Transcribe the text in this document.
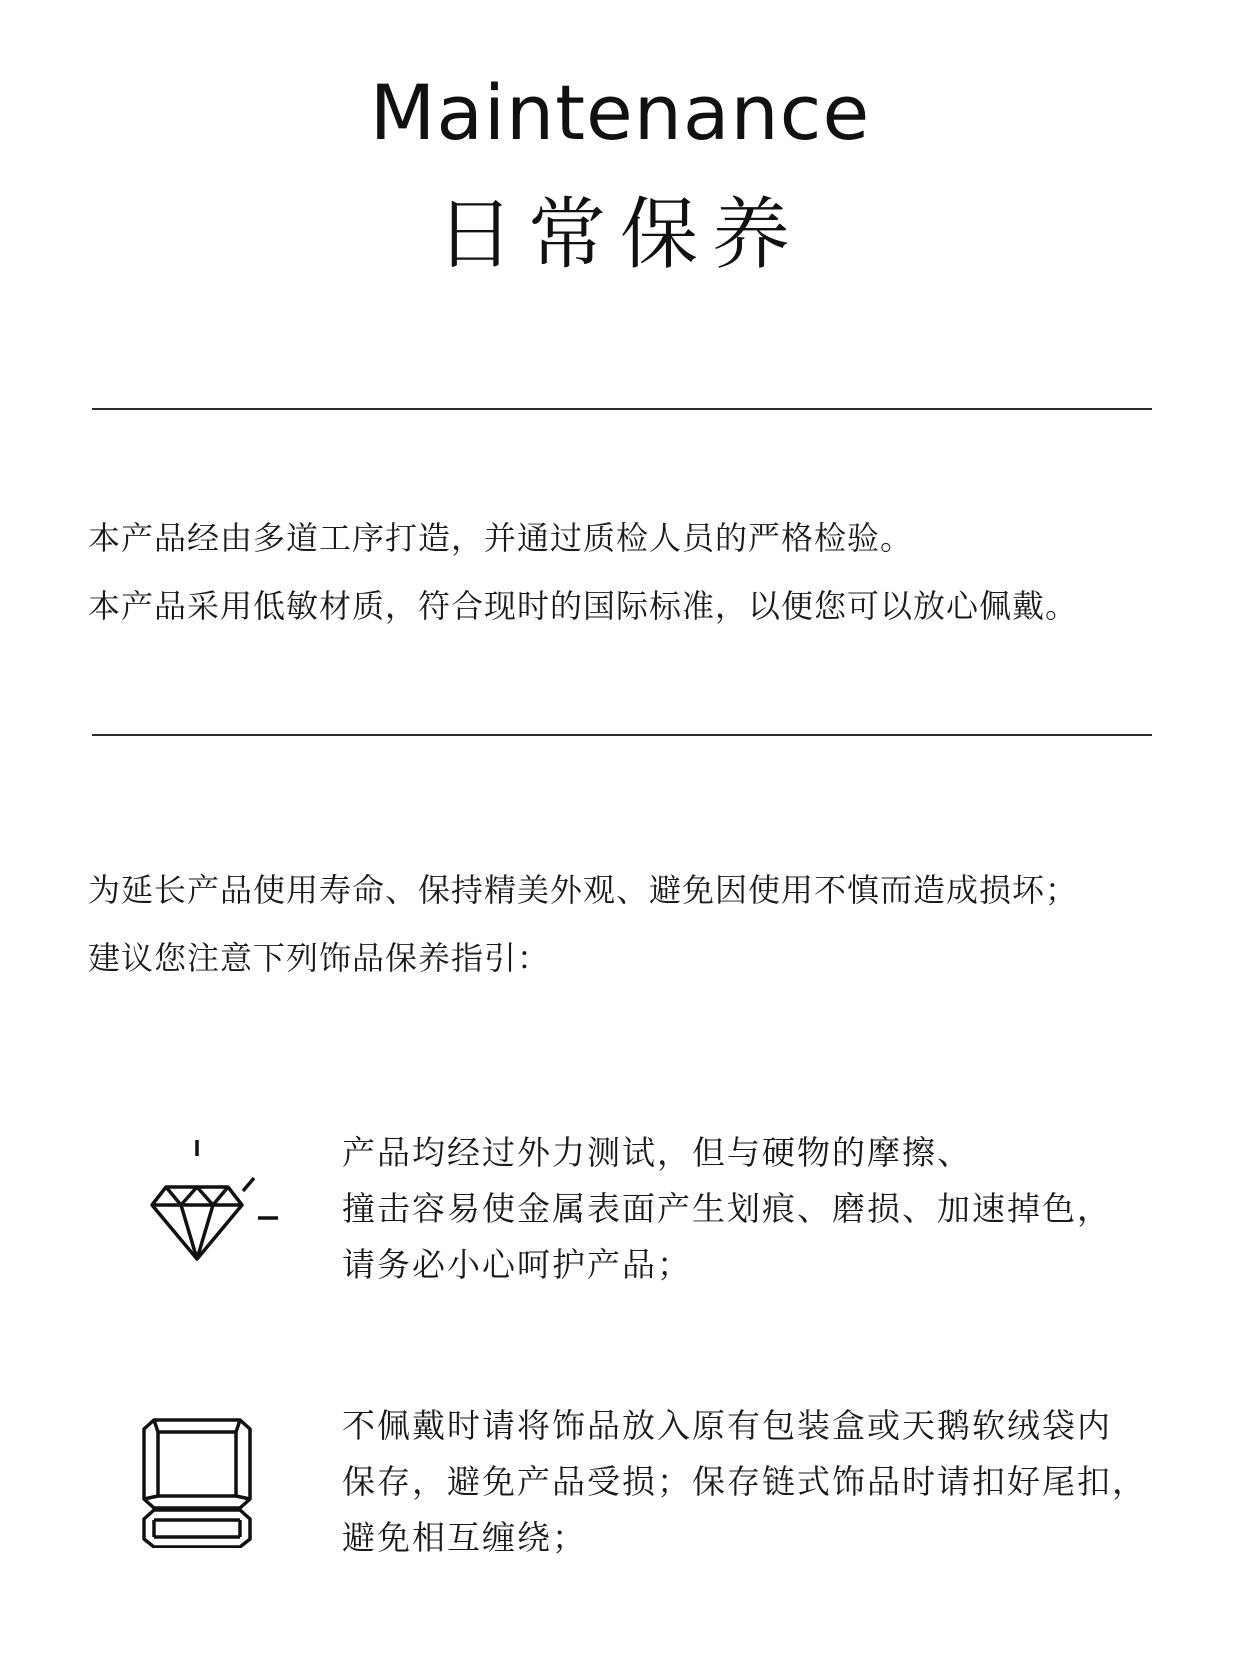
Maintenance
日常保养

本产品经由多道工序打造，并通过质检人员的严格检验。

本产品采用低敏材质，符合现时的国际标准，以便您可以放心佩戴。

为延长产品使用寿命、保持精美外观、避免因使用不慎而造成损坏；

建议您注意下列饰品保养指引：

产品均经过外力测试，但与硬物的摩擦、

撞击容易使金属表面产生划痕、磨损、加速掉色，

请务必小心呵护产品；

不佩戴时请将饰品放入原有包装盒或天鹅软绒袋内

保存，避免产品受损；保存链式饰品时请扣好尾扣，

避免相互缠绕；
